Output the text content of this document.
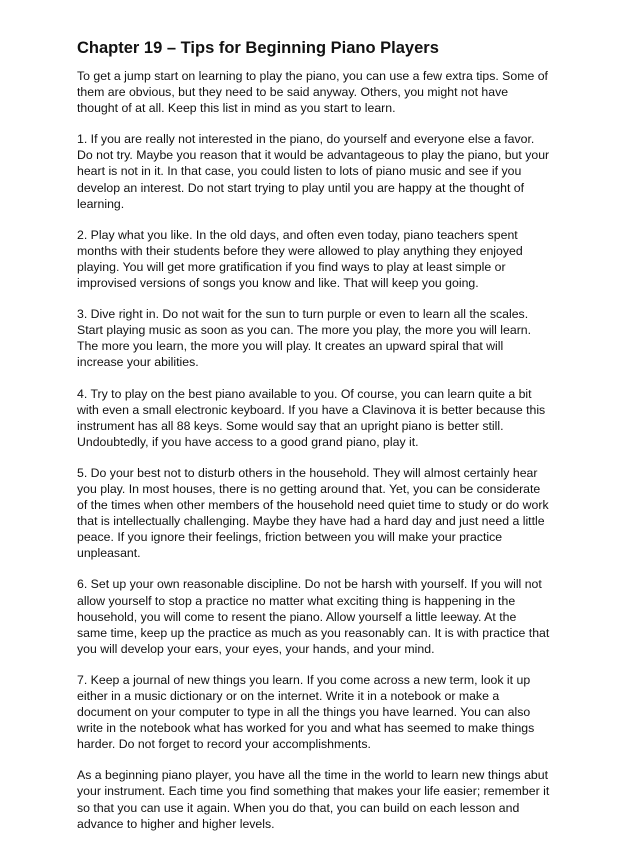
Chapter 19 – Tips for Beginning Piano Players
To get a jump start on learning to play the piano, you can use a few extra tips. Some of
them are obvious, but they need to be said anyway. Others, you might not have
thought of at all. Keep this list in mind as you start to learn.
1. If you are really not interested in the piano, do yourself and everyone else a favor.
Do not try. Maybe you reason that it would be advantageous to play the piano, but your
heart is not in it. In that case, you could listen to lots of piano music and see if you
develop an interest. Do not start trying to play until you are happy at the thought of
learning.
2. Play what you like. In the old days, and often even today, piano teachers spent
months with their students before they were allowed to play anything they enjoyed
playing. You will get more gratification if you find ways to play at least simple or
improvised versions of songs you know and like. That will keep you going.
3. Dive right in. Do not wait for the sun to turn purple or even to learn all the scales.
Start playing music as soon as you can. The more you play, the more you will learn.
The more you learn, the more you will play. It creates an upward spiral that will
increase your abilities.
4. Try to play on the best piano available to you. Of course, you can learn quite a bit
with even a small electronic keyboard. If you have a Clavinova it is better because this
instrument has all 88 keys. Some would say that an upright piano is better still.
Undoubtedly, if you have access to a good grand piano, play it.
5. Do your best not to disturb others in the household. They will almost certainly hear
you play. In most houses, there is no getting around that. Yet, you can be considerate
of the times when other members of the household need quiet time to study or do work
that is intellectually challenging. Maybe they have had a hard day and just need a little
peace. If you ignore their feelings, friction between you will make your practice
unpleasant.
6. Set up your own reasonable discipline. Do not be harsh with yourself. If you will not
allow yourself to stop a practice no matter what exciting thing is happening in the
household, you will come to resent the piano. Allow yourself a little leeway. At the
same time, keep up the practice as much as you reasonably can. It is with practice that
you will develop your ears, your eyes, your hands, and your mind.
7. Keep a journal of new things you learn. If you come across a new term, look it up
either in a music dictionary or on the internet. Write it in a notebook or make a
document on your computer to type in all the things you have learned. You can also
write in the notebook what has worked for you and what has seemed to make things
harder. Do not forget to record your accomplishments.
As a beginning piano player, you have all the time in the world to learn new things abut
your instrument. Each time you find something that makes your life easier; remember it
so that you can use it again. When you do that, you can build on each lesson and
advance to higher and higher levels.
